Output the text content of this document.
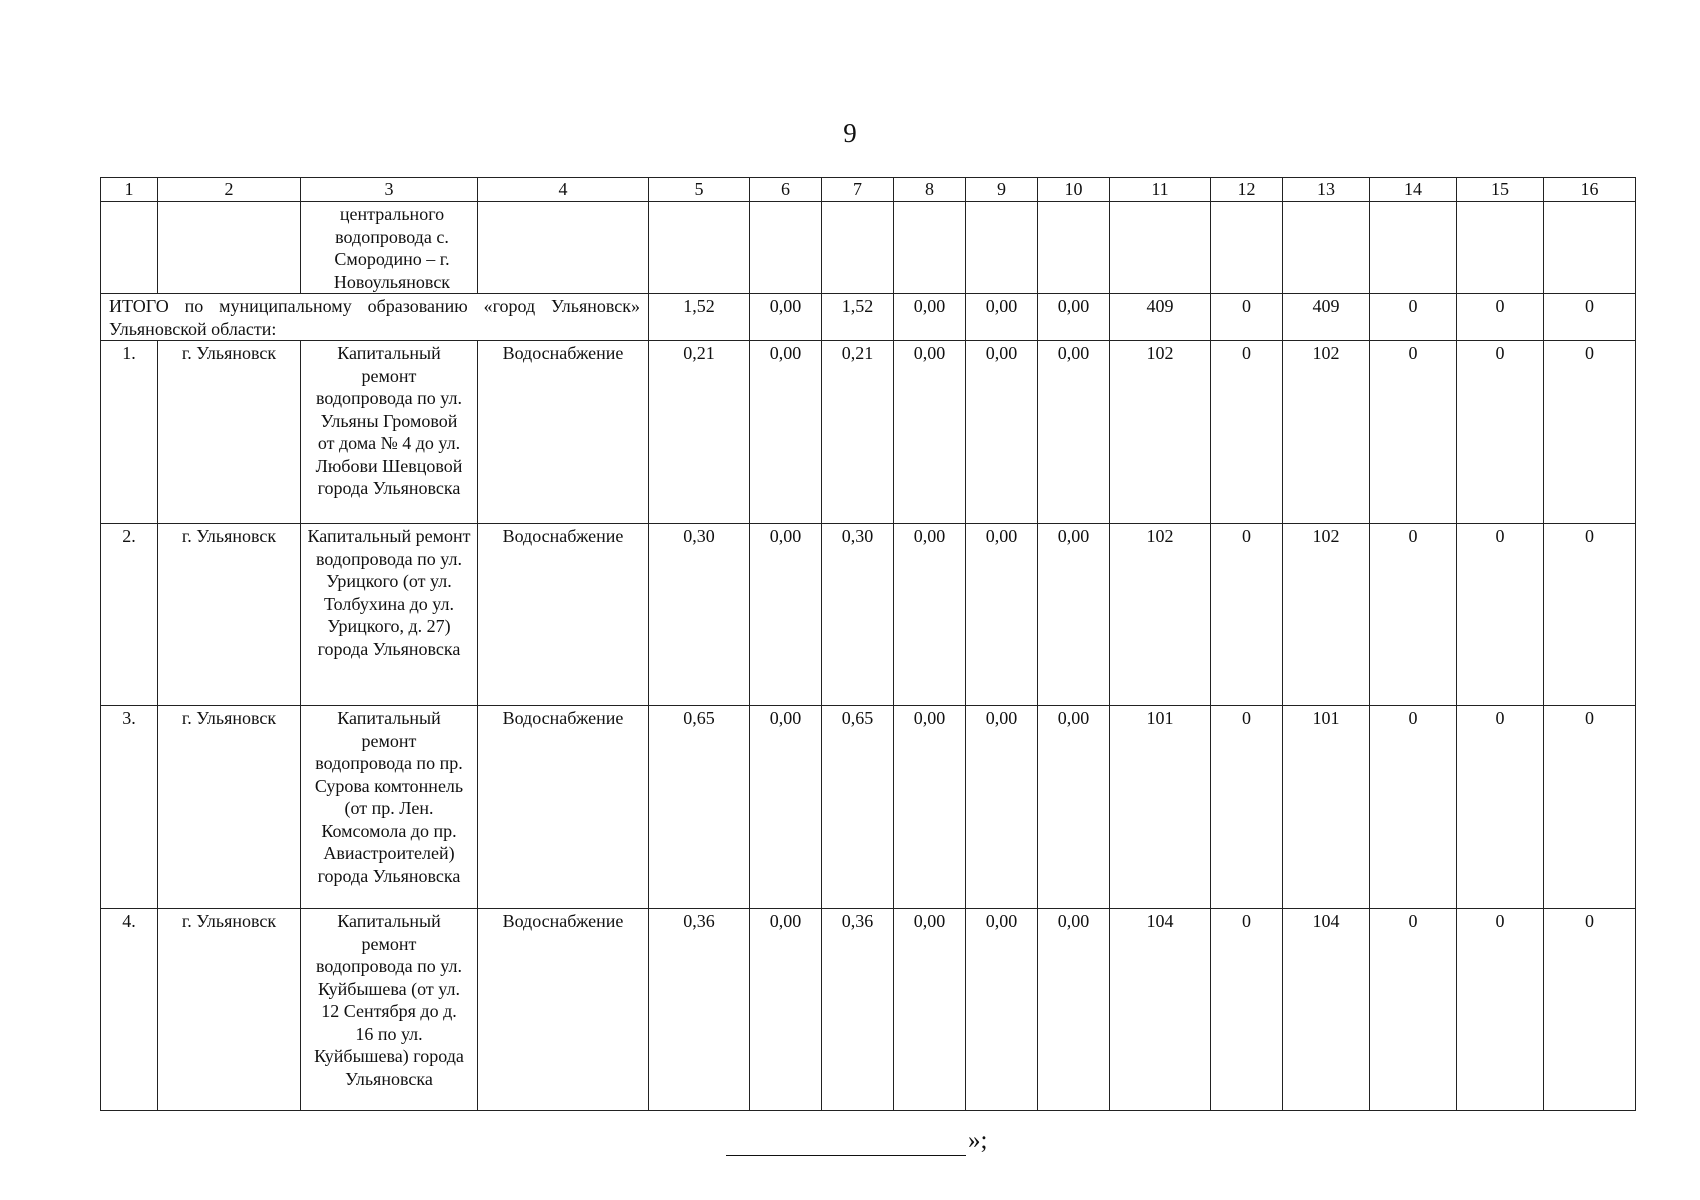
9
1	2	3	4	5	6	7	8	9	10	11	12	13	14	15	16
		центрального водопровода с. Смородино – г. Новоульяновск													
ИТОГО по муниципальному образованию «город Ульяновск» Ульяновской области:				1,52	0,00	1,52	0,00	0,00	0,00	409	0	409	0	0	0
1.	г. Ульяновск	Капитальный ремонт водопровода по ул. Ульяны Громовой от дома № 4 до ул. Любови Шевцовой города Ульяновска	Водоснабжение	0,21	0,00	0,21	0,00	0,00	0,00	102	0	102	0	0	0
2.	г. Ульяновск	Капитальный ремонт водопровода по ул. Урицкого (от ул. Толбухина до ул. Урицкого, д. 27) города Ульяновска	Водоснабжение	0,30	0,00	0,30	0,00	0,00	0,00	102	0	102	0	0	0
3.	г. Ульяновск	Капитальный ремонт водопровода по пр. Сурова комтоннель (от пр. Лен. Комсомола до пр. Авиастроителей) города Ульяновска	Водоснабжение	0,65	0,00	0,65	0,00	0,00	0,00	101	0	101	0	0	0
4.	г. Ульяновск	Капитальный ремонт водопровода по ул. Куйбышева (от ул. 12 Сентября до д. 16 по ул. Куйбышева) города Ульяновска	Водоснабжение	0,36	0,00	0,36	0,00	0,00	0,00	104	0	104	0	0	0
»;
